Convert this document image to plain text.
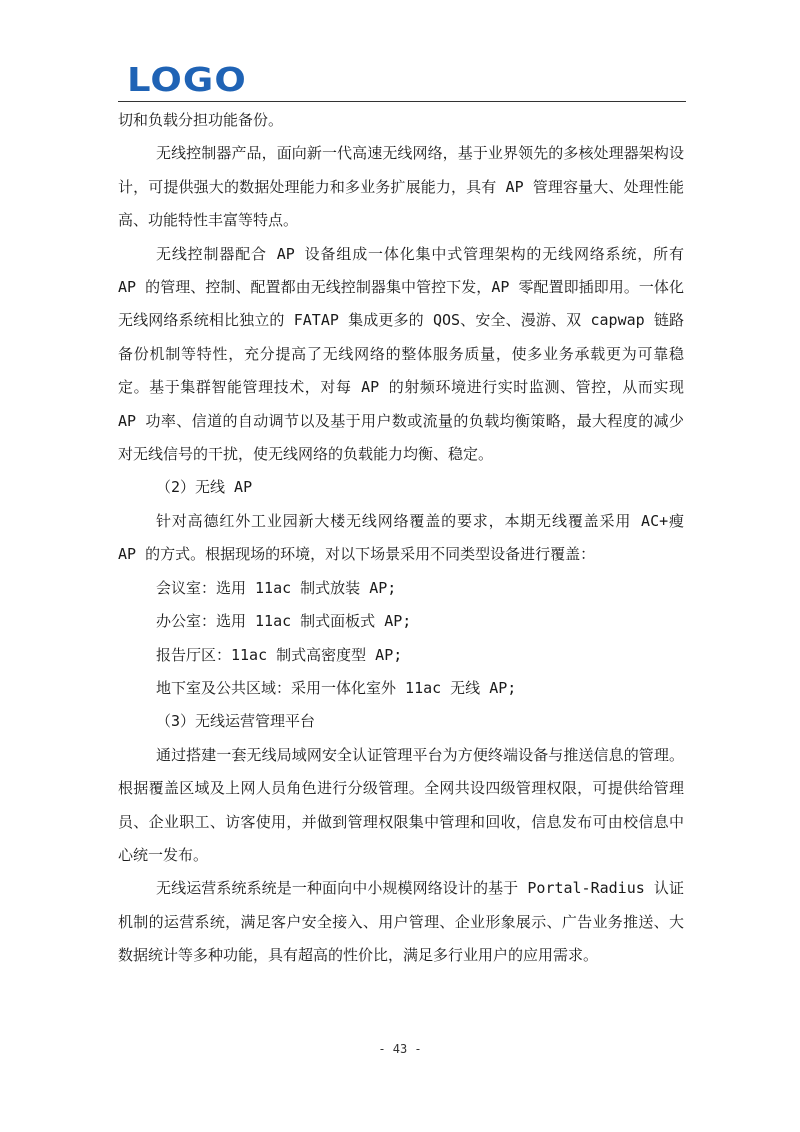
LOGO

切和负载分担功能备份。

无线控制器产品，面向新一代高速无线网络，基于业界领先的多核处理器架构设计，可提供强大的数据处理能力和多业务扩展能力，具有 AP 管理容量大、处理性能高、功能特性丰富等特点。

无线控制器配合 AP 设备组成一体化集中式管理架构的无线网络系统，所有 AP 的管理、控制、配置都由无线控制器集中管控下发，AP 零配置即插即用。一体化无线网络系统相比独立的 FATAP 集成更多的 QOS、安全、漫游、双 capwap 链路备份机制等特性，充分提高了无线网络的整体服务质量，使多业务承载更为可靠稳定。基于集群智能管理技术，对每 AP 的射频环境进行实时监测、管控，从而实现 AP 功率、信道的自动调节以及基于用户数或流量的负载均衡策略，最大程度的减少对无线信号的干扰，使无线网络的负载能力均衡、稳定。

（2）无线 AP

针对高德红外工业园新大楼无线网络覆盖的要求，本期无线覆盖采用 AC+瘦 AP 的方式。根据现场的环境，对以下场景采用不同类型设备进行覆盖：

会议室：选用 11ac 制式放装 AP;

办公室：选用 11ac 制式面板式 AP;

报告厅区：11ac 制式高密度型 AP;

地下室及公共区域：采用一体化室外 11ac 无线 AP;

（3）无线运营管理平台

通过搭建一套无线局域网安全认证管理平台为方便终端设备与推送信息的管理。根据覆盖区域及上网人员角色进行分级管理。全网共设四级管理权限，可提供给管理员、企业职工、访客使用，并做到管理权限集中管理和回收，信息发布可由校信息中心统一发布。

无线运营系统系统是一种面向中小规模网络设计的基于 Portal-Radius 认证机制的运营系统，满足客户安全接入、用户管理、企业形象展示、广告业务推送、大数据统计等多种功能，具有超高的性价比，满足多行业用户的应用需求。

- 43 -
